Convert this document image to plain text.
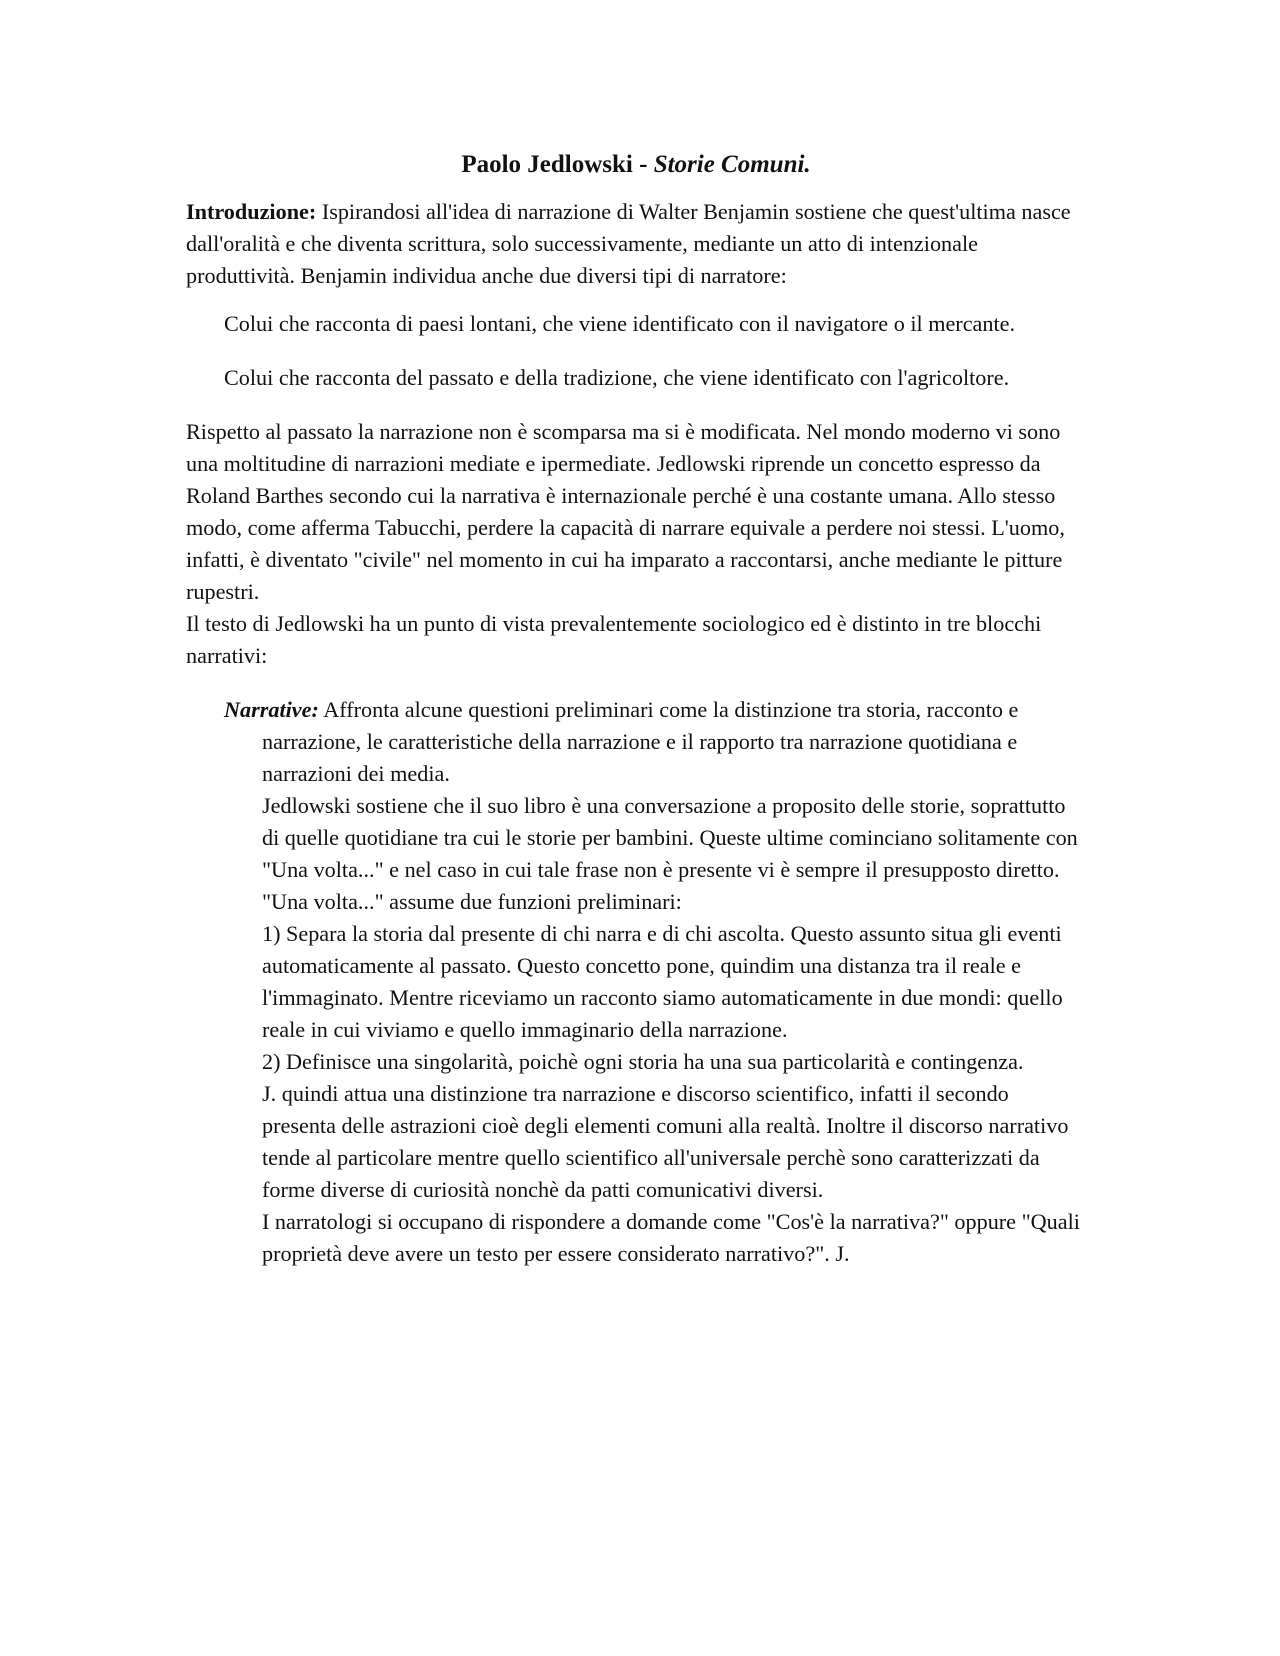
Paolo Jedlowski - Storie Comuni.

Introduzione: Ispirandosi all'idea di narrazione di Walter Benjamin sostiene che quest'ultima nasce dall'oralità e che diventa scrittura, solo successivamente, mediante un atto di intenzionale produttività. Benjamin individua anche due diversi tipi di narratore:

Colui che racconta di paesi lontani, che viene identificato con il navigatore o il mercante.

Colui che racconta del passato e della tradizione, che viene identificato con l'agricoltore.

Rispetto al passato la narrazione non è scomparsa ma si è modificata. Nel mondo moderno vi sono una moltitudine di narrazioni mediate e ipermediate. Jedlowski riprende un concetto espresso da Roland Barthes secondo cui la narrativa è internazionale perché è una costante umana. Allo stesso modo, come afferma Tabucchi, perdere la capacità di narrare equivale a perdere noi stessi. L'uomo, infatti, è diventato "civile" nel momento in cui ha imparato a raccontarsi, anche mediante le pitture rupestri.

Il testo di Jedlowski ha un punto di vista prevalentemente sociologico ed è distinto in tre blocchi narrativi:

Narrative: Affronta alcune questioni preliminari come la distinzione tra storia, racconto e narrazione, le caratteristiche della narrazione e il rapporto tra narrazione quotidiana e narrazioni dei media.

Jedlowski sostiene che il suo libro è una conversazione a proposito delle storie, soprattutto di quelle quotidiane tra cui le storie per bambini. Queste ultime cominciano solitamente con "Una volta..." e nel caso in cui tale frase non è presente vi è sempre il presupposto diretto. "Una volta..." assume due funzioni preliminari:

1) Separa la storia dal presente di chi narra e di chi ascolta. Questo assunto situa gli eventi automaticamente al passato. Questo concetto pone, quindim una distanza tra il reale e l'immaginato. Mentre riceviamo un racconto siamo automaticamente in due mondi: quello reale in cui viviamo e quello immaginario della narrazione.

2) Definisce una singolarità, poichè ogni storia ha una sua particolarità e contingenza.

J. quindi attua una distinzione tra narrazione e discorso scientifico, infatti il secondo presenta delle astrazioni cioè degli elementi comuni alla realtà. Inoltre il discorso narrativo tende al particolare mentre quello scientifico all'universale perchè sono caratterizzati da forme diverse di curiosità nonchè da patti comunicativi diversi.

I narratologi si occupano di rispondere a domande come "Cos'è la narrativa?" oppure "Quali proprietà deve avere un testo per essere considerato narrativo?". J.
